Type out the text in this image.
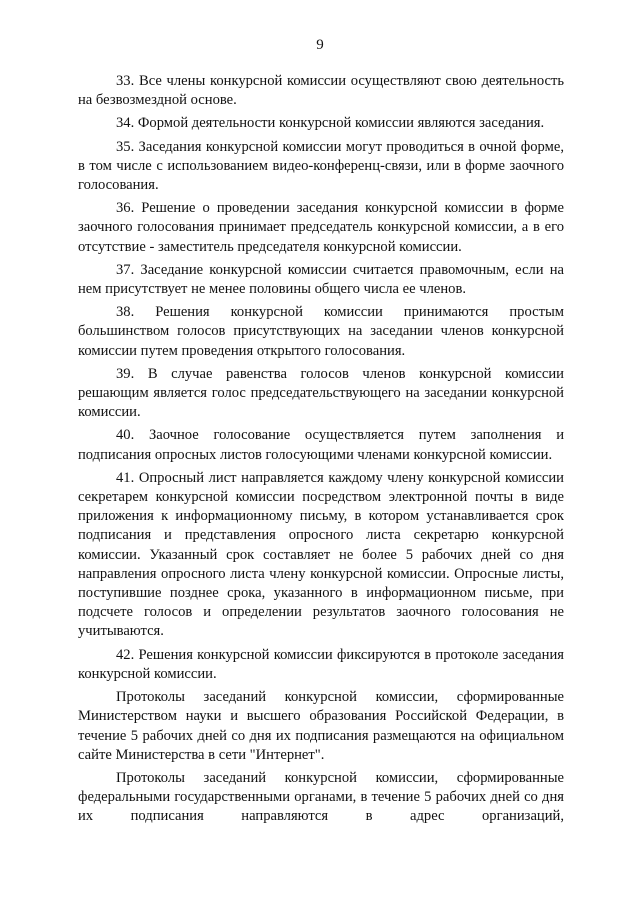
9

33. Все члены конкурсной комиссии осуществляют свою деятельность на безвозмездной основе.

34. Формой деятельности конкурсной комиссии являются заседания.

35. Заседания конкурсной комиссии могут проводиться в очной форме, в том числе с использованием видео-конференц-связи, или в форме заочного голосования.

36. Решение о проведении заседания конкурсной комиссии в форме заочного голосования принимает председатель конкурсной комиссии, а в его отсутствие - заместитель председателя конкурсной комиссии.

37. Заседание конкурсной комиссии считается правомочным, если на нем присутствует не менее половины общего числа ее членов.

38. Решения конкурсной комиссии принимаются простым большинством голосов присутствующих на заседании членов конкурсной комиссии путем проведения открытого голосования.

39. В случае равенства голосов членов конкурсной комиссии решающим является голос председательствующего на заседании конкурсной комиссии.

40. Заочное голосование осуществляется путем заполнения и подписания опросных листов голосующими членами конкурсной комиссии.

41. Опросный лист направляется каждому члену конкурсной комиссии секретарем конкурсной комиссии посредством электронной почты в виде приложения к информационному письму, в котором устанавливается срок подписания и представления опросного листа секретарю конкурсной комиссии. Указанный срок составляет не более 5 рабочих дней со дня направления опросного листа члену конкурсной комиссии. Опросные листы, поступившие позднее срока, указанного в информационном письме, при подсчете голосов и определении результатов заочного голосования не учитываются.

42. Решения конкурсной комиссии фиксируются в протоколе заседания конкурсной комиссии.

Протоколы заседаний конкурсной комиссии, сформированные Министерством науки и высшего образования Российской Федерации, в течение 5 рабочих дней со дня их подписания размещаются на официальном сайте Министерства в сети "Интернет".

Протоколы заседаний конкурсной комиссии, сформированные федеральными государственными органами, в течение 5 рабочих дней со дня их подписания направляются в адрес организаций,
